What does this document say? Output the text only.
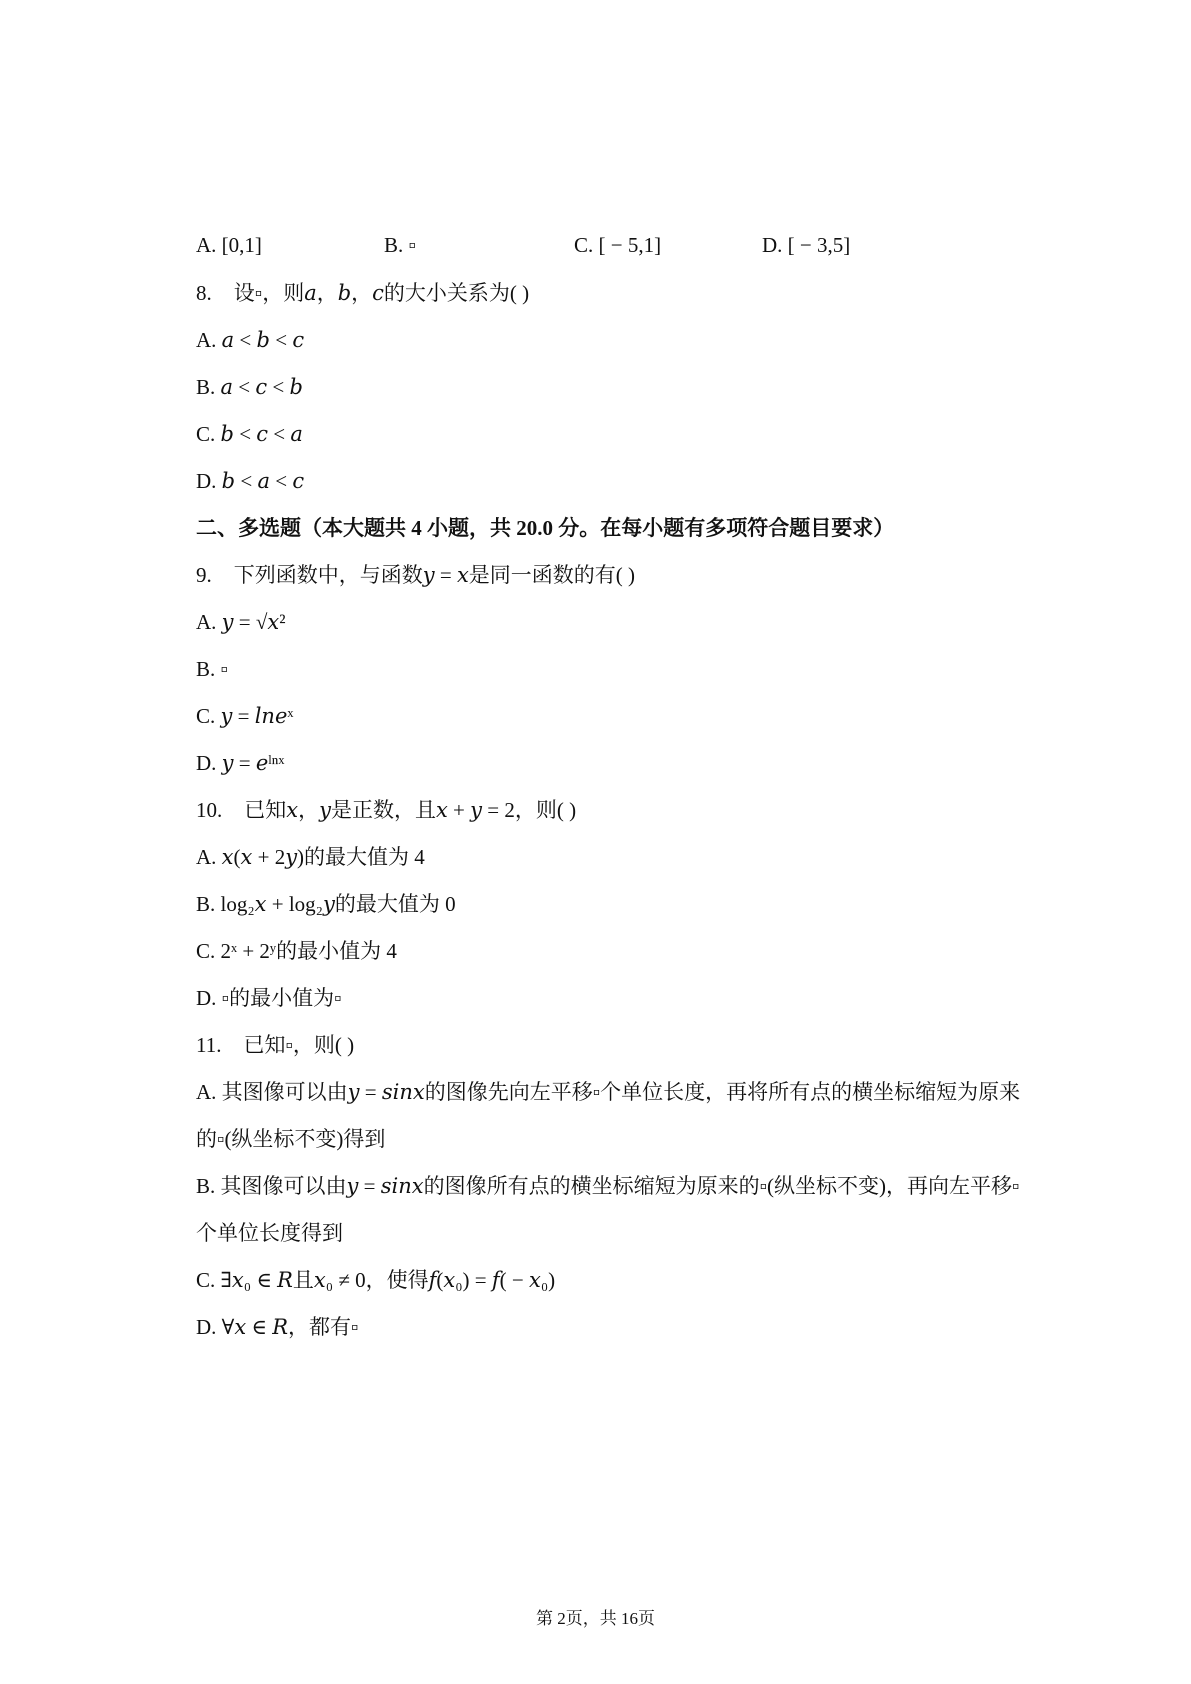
A. [0,1]	B. ▫	C. [ − 5,1]	D. [ − 3,5]
8. 设▫，则𝑎，𝑏，𝑐的大小关系为( )
A. 𝑎 < 𝑏 < 𝑐
B. 𝑎 < 𝑐 < 𝑏
C. 𝑏 < 𝑐 < 𝑎
D. 𝑏 < 𝑎 < 𝑐
二、多选题（本大题共 4 小题，共 20.0 分。在每小题有多项符合题目要求）
9. 下列函数中，与函数𝑦 = 𝑥是同一函数的有( )
A. 𝑦 = √𝑥²
B. ▫
C. 𝑦 = 𝑙𝑛𝑒ˣ
D. 𝑦 = 𝑒ˡⁿˣ
10. 已知𝑥，𝑦是正数，且𝑥 + 𝑦 = 2，则( )
A. 𝑥(𝑥 + 2𝑦)的最大值为 4
B. log₂𝑥 + log₂𝑦的最大值为 0
C. 2ˣ + 2ʸ的最小值为 4
D. ▫的最小值为▫
11. 已知▫，则( )
A. 其图像可以由𝑦 = 𝑠𝑖𝑛𝑥的图像先向左平移▫个单位长度，再将所有点的横坐标缩短为原来
的▫(纵坐标不变)得到
B. 其图像可以由𝑦 = 𝑠𝑖𝑛𝑥的图像所有点的横坐标缩短为原来的▫(纵坐标不变)，再向左平移▫
个单位长度得到
C. ∃𝑥₀ ∈ 𝑅且𝑥₀ ≠ 0，使得𝑓(𝑥₀) = 𝑓( − 𝑥₀)
D. ∀𝑥 ∈ 𝑅，都有▫
第 2页，共 16页
